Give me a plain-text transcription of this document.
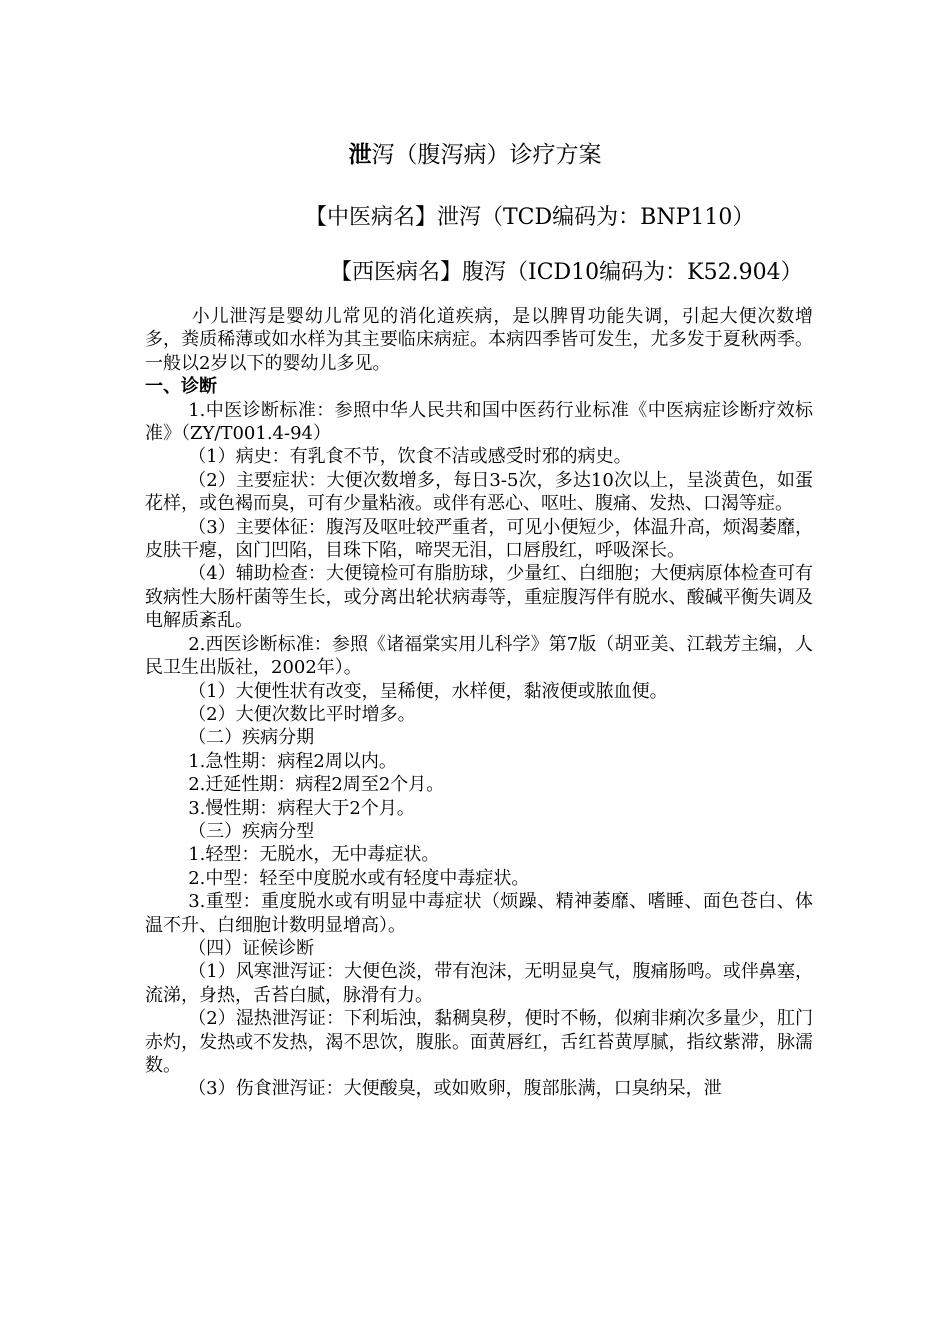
泄泻（腹泻病）诊疗方案
【中医病名】泄泻（TCD编码为：BNP110）
【西医病名】腹泻（ICD10编码为：K52.904）

小儿泄泻是婴幼儿常见的消化道疾病，是以脾胃功能失调，引起大便次数增多，粪质稀薄或如水样为其主要临床病症。本病四季皆可发生，尤多发于夏秋两季。一般以2岁以下的婴幼儿多见。

一、诊断

1.中医诊断标准：参照中华人民共和国中医药行业标准《中医病症诊断疗效标准》（ZY/T001.4-94）

（1）病史：有乳食不节，饮食不洁或感受时邪的病史。

（2）主要症状：大便次数增多，每日3-5次，多达10次以上，呈淡黄色，如蛋花样，或色褐而臭，可有少量粘液。或伴有恶心、呕吐、腹痛、发热、口渴等症。

（3）主要体征：腹泻及呕吐较严重者，可见小便短少，体温升高，烦渴萎靡，皮肤干瘪，囟门凹陷，目珠下陷，啼哭无泪，口唇殷红，呼吸深长。

（4）辅助检查：大便镜检可有脂肪球，少量红、白细胞；大便病原体检查可有致病性大肠杆菌等生长，或分离出轮状病毒等，重症腹泻伴有脱水、酸碱平衡失调及电解质紊乱。

2.西医诊断标准：参照《诸福棠实用儿科学》第7版（胡亚美、江载芳主编，人民卫生出版社，2002年）。

（1）大便性状有改变，呈稀便，水样便，黏液便或脓血便。

（2）大便次数比平时增多。

（二）疾病分期

1.急性期：病程2周以内。

2.迁延性期：病程2周至2个月。

3.慢性期：病程大于2个月。

（三）疾病分型

1.轻型：无脱水，无中毒症状。

2.中型：轻至中度脱水或有轻度中毒症状。

3.重型：重度脱水或有明显中毒症状（烦躁、精神萎靡、嗜睡、面色苍白、体温不升、白细胞计数明显增高）。

（四）证候诊断

（1）风寒泄泻证：大便色淡，带有泡沫，无明显臭气，腹痛肠鸣。或伴鼻塞，流涕，身热，舌苔白腻，脉滑有力。

（2）湿热泄泻证：下利垢浊，黏稠臭秽，便时不畅，似痢非痢次多量少，肛门赤灼，发热或不发热，渴不思饮，腹胀。面黄唇红，舌红苔黄厚腻，指纹紫滞，脉濡数。

（3）伤食泄泻证：大便酸臭，或如败卵，腹部胀满，口臭纳呆，泄
